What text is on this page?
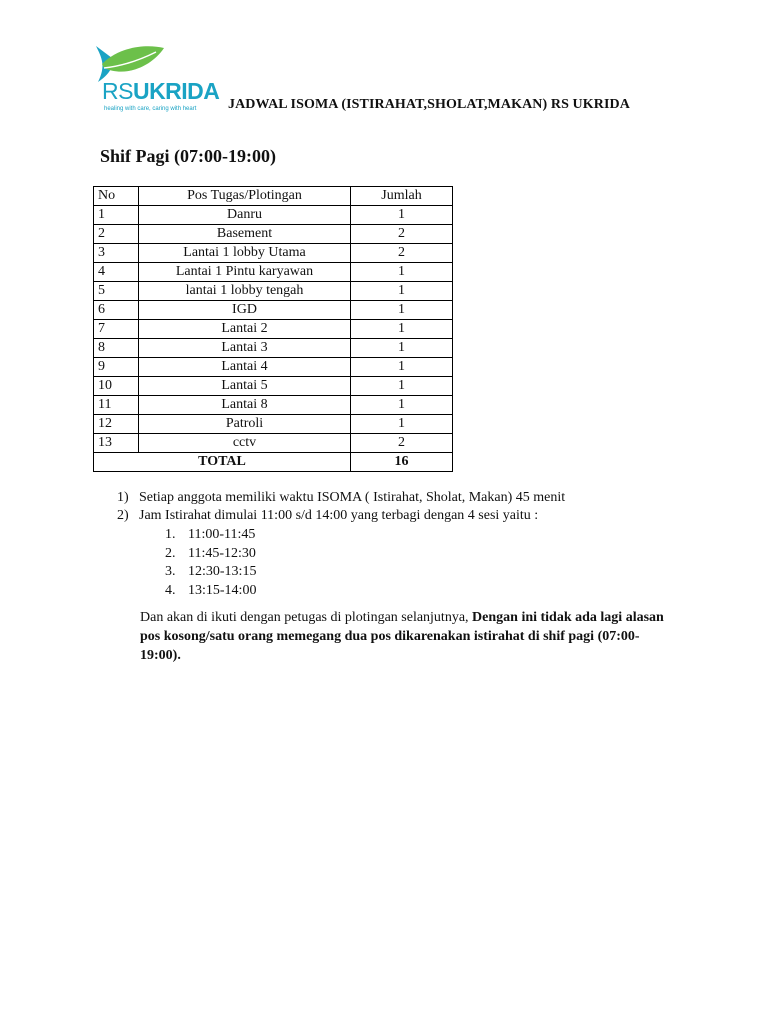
RSUKRIDA
healing with care, caring with heart JADWAL ISOMA (ISTIRAHAT,SHOLAT,MAKAN) RS UKRIDA
Shif Pagi (07:00-19:00)
No	Pos Tugas/Plotingan	Jumlah
1	Danru	1
2	Basement	2
3	Lantai 1 lobby Utama	2
4	Lantai 1 Pintu karyawan	1
5	lantai 1 lobby tengah	1
6	IGD	1
7	Lantai 2	1
8	Lantai 3	1
9	Lantai 4	1
10	Lantai 5	1
11	Lantai 8	1
12	Patroli	1
13	cctv	2
TOTAL		16
1) Setiap anggota memiliki waktu ISOMA ( Istirahat, Sholat, Makan) 45 menit
2) Jam Istirahat dimulai 11:00 s/d 14:00 yang terbagi dengan 4 sesi yaitu :
1. 11:00-11:45
2. 11:45-12:30
3. 12:30-13:15
4. 13:15-14:00
Dan akan di ikuti dengan petugas di plotingan selanjutnya, Dengan ini tidak ada lagi alasan pos kosong/satu orang memegang dua pos dikarenakan istirahat di shif pagi (07:00-19:00).
